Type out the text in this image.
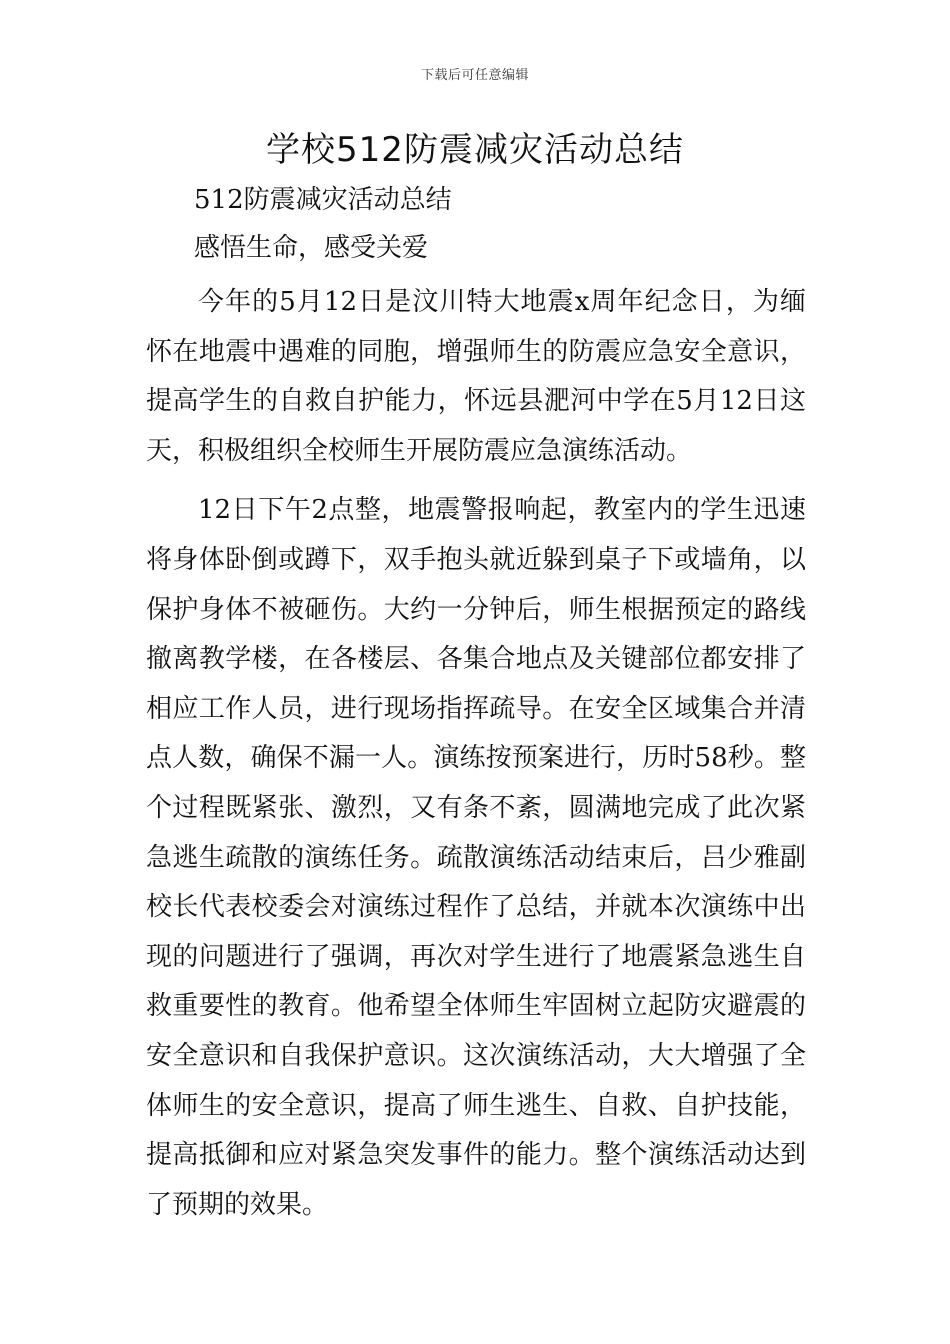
下载后可任意编辑
学校512防震减灾活动总结

512防震减灾活动总结

感悟生命，感受关爱

今年的5月12日是汶川特大地震x周年纪念日，为缅怀在地震中遇难的同胞，增强师生的防震应急安全意识，提高学生的自救自护能力，怀远县淝河中学在5月12日这天，积极组织全校师生开展防震应急演练活动。

12日下午2点整，地震警报响起，教室内的学生迅速将身体卧倒或蹲下，双手抱头就近躲到桌子下或墙角，以保护身体不被砸伤。大约一分钟后，师生根据预定的路线撤离教学楼，在各楼层、各集合地点及关键部位都安排了相应工作人员，进行现场指挥疏导。在安全区域集合并清点人数，确保不漏一人。演练按预案进行，历时58秒。整个过程既紧张、激烈，又有条不紊，圆满地完成了此次紧急逃生疏散的演练任务。疏散演练活动结束后，吕少雅副校长代表校委会对演练过程作了总结，并就本次演练中出现的问题进行了强调，再次对学生进行了地震紧急逃生自救重要性的教育。他希望全体师生牢固树立起防灾避震的安全意识和自我保护意识。这次演练活动，大大增强了全体师生的安全意识，提高了师生逃生、自救、自护技能，提高抵御和应对紧急突发事件的能力。整个演练活动达到了预期的效果。
